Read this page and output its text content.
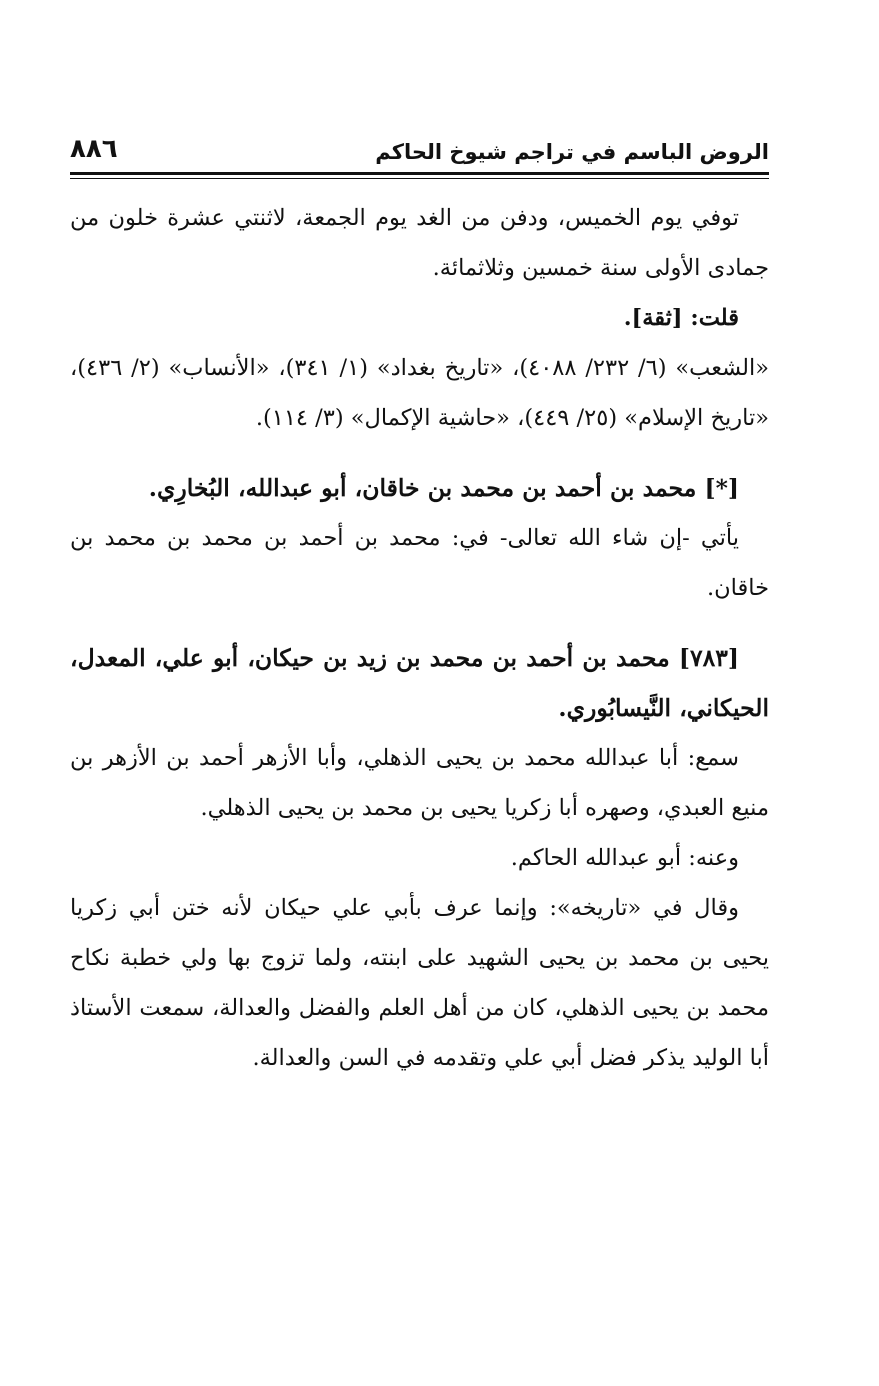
الروض الباسم في تراجم شيوخ الحاكم
٨٨٦

توفي يوم الخميس، ودفن من الغد يوم الجمعة، لاثنتي عشرة خلون من جمادى الأولى سنة خمسين وثلاثمائة.

قلت: [ثقة].

«الشعب» (٦/ ٢٣٢/ ٤٠٨٨)، «تاريخ بغداد» (١/ ٣٤١)، «الأنساب» (٢/ ٤٣٦)، «تاريخ الإسلام» (٢٥/ ٤٤٩)، «حاشية الإكمال» (٣/ ١١٤).

[*] محمد بن أحمد بن محمد بن خاقان، أبو عبدالله، البُخارِي.

يأتي -إن شاء الله تعالى- في: محمد بن أحمد بن محمد بن محمد بن خاقان.

[٧٨٣] محمد بن أحمد بن محمد بن زيد بن حيكان، أبو علي، المعدل، الحيكاني، النَّيسابُوري.

سمع: أبا عبدالله محمد بن يحيى الذهلي، وأبا الأزهر أحمد بن الأزهر بن منيع العبدي، وصهره أبا زكريا يحيى بن محمد بن يحيى الذهلي.

وعنه: أبو عبدالله الحاكم.

وقال في «تاريخه»: وإنما عرف بأبي علي حيكان لأنه ختن أبي زكريا يحيى بن محمد بن يحيى الشهيد على ابنته، ولما تزوج بها ولي خطبة نكاح محمد بن يحيى الذهلي، كان من أهل العلم والفضل والعدالة، سمعت الأستاذ أبا الوليد يذكر فضل أبي علي وتقدمه في السن والعدالة.
